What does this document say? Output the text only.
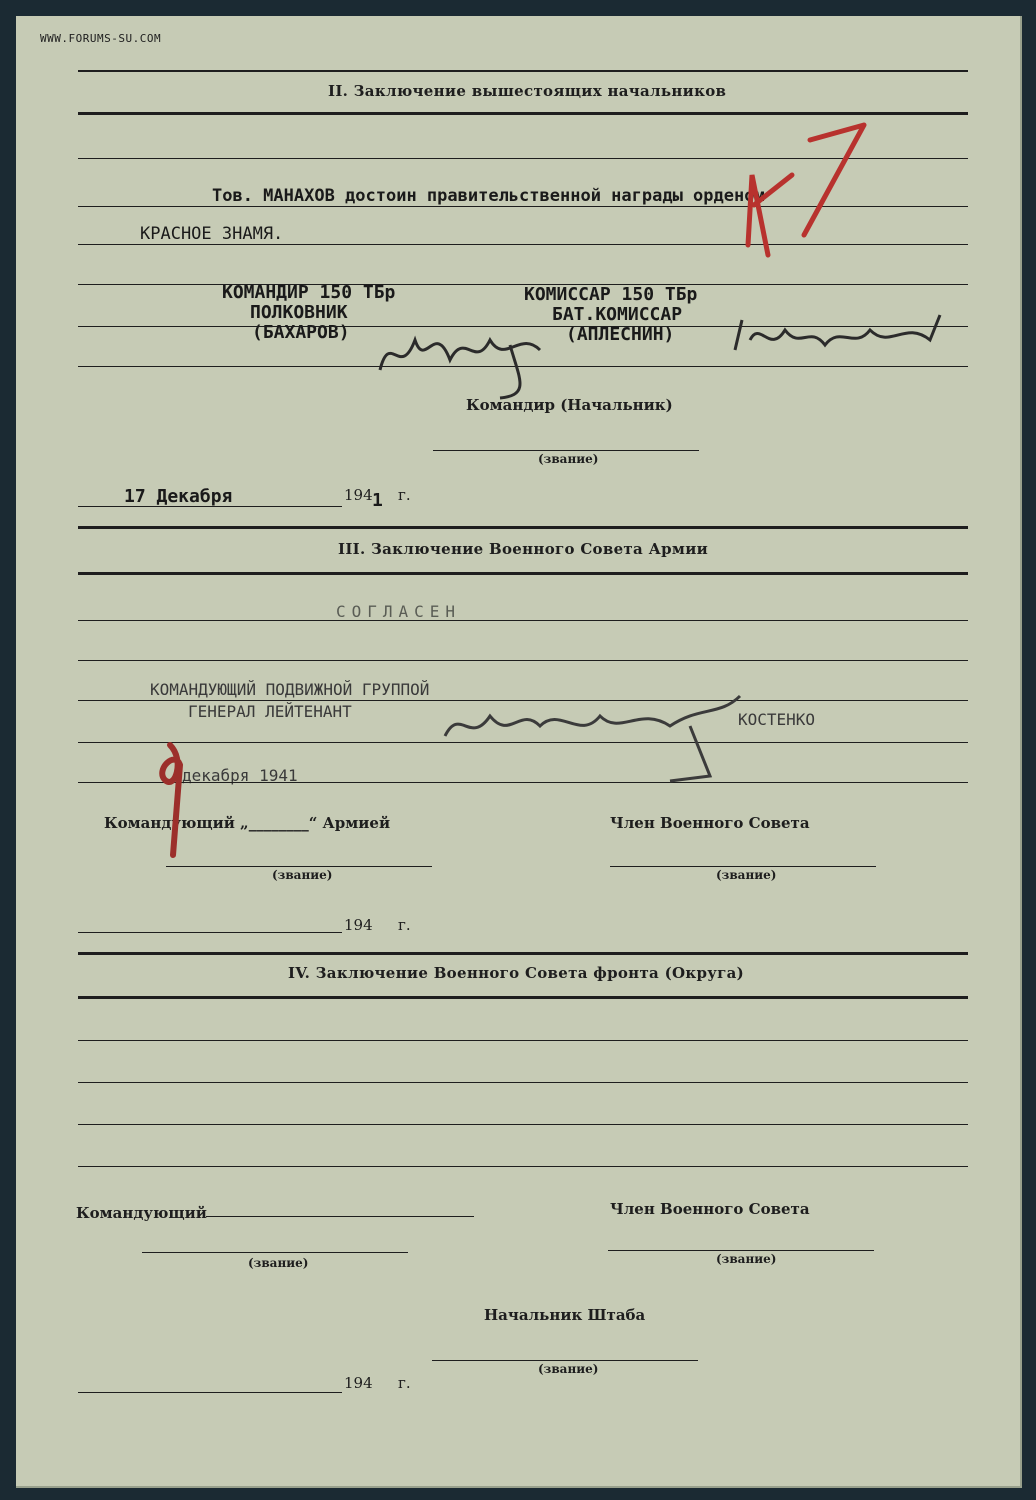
WWW.FORUMS-SU.COM
II. Заключение вышестоящих начальников
Тов. МАНАХОВ достоин правительственной награды орденом
КРАСНОЕ ЗНАМЯ.
КОМАНДИР 150 ТБр
ПОЛКОВНИК
(БАХАРОВ)
КОМИССАР 150 ТБр
БАТ.КОМИССАР
(АПЛЕСНИН)
Командир (Начальник)
(звание)
17 Декабря	194 1 г.
III. Заключение Военного Совета Армии
СОГЛАСЕН
КОМАНДУЮЩИЙ ПОДВИЖНОЙ ГРУППОЙ
ГЕНЕРАЛ ЛЕЙТЕНАНТ	КОСТЕНКО
декабря 1941
Командующий „________“ Армией	Член Военного Совета
(звание)	(звание)
194 г.
IV. Заключение Военного Совета фронта (Округа)
Командующий	Член Военного Совета
(звание)	(звание)
Начальник Штаба
(звание)
194 г.
